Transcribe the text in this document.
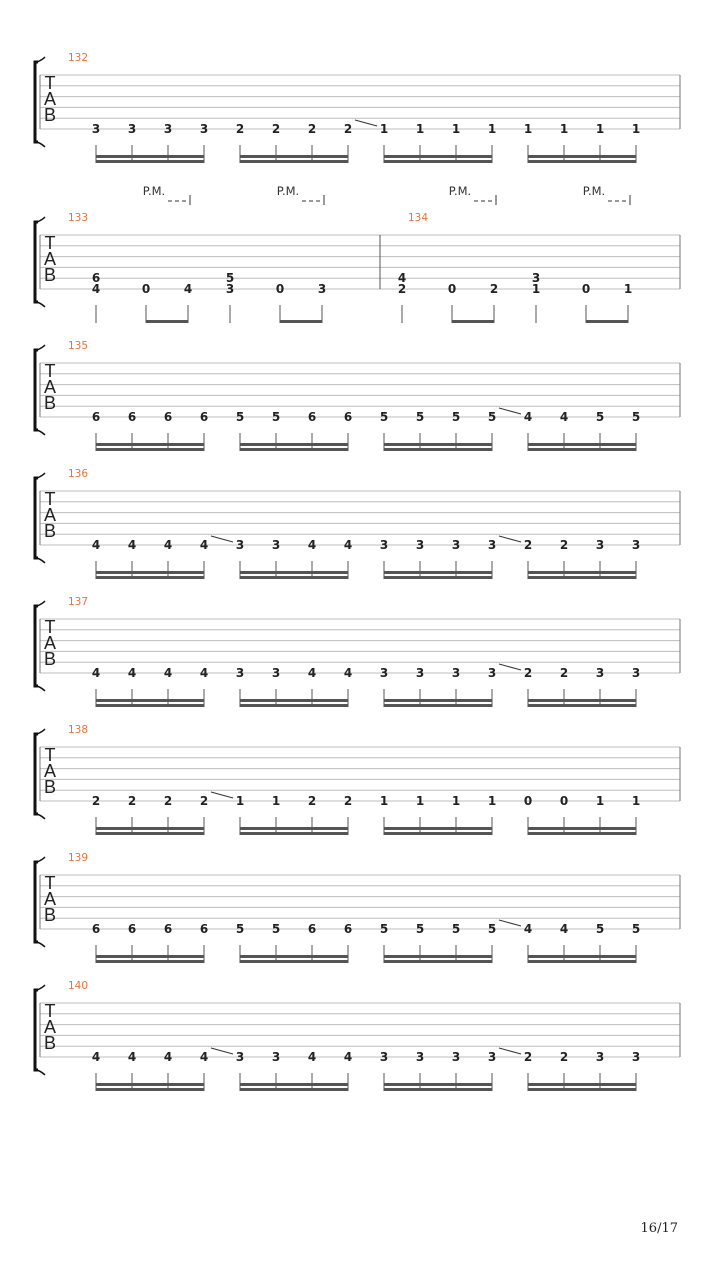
T
A
B
132
3 3 3 3 2 2 2 2 1 1 1 1 1 1 1 1
T
A
B
133
6
4
P.M.
0	4
5
3
P.M.
0	3
134
4
2
P.M.
0	2
3
1
P.M.
0	1
T
A
B
135
6 6 6 6 5 5 6 6 5 5 5 5 4 4 5 5
T
A
B
136
4 4 4 4 3 3 4 4 3 3 3 3 2 2 3 3
T
A
B
137
4 4 4 4 3 3 4 4 3 3 3 3 2 2 3 3
T
A
B
138
2 2 2 2 1 1 2 2 1 1 1 1 0 0 1 1
T
A
B
139
6 6 6 6 5 5 6 6 5 5 5 5 4 4 5 5
T
A
B
140
4 4 4 4 3 3 4 4 3 3 3 3 2 2 3 3
16/17
